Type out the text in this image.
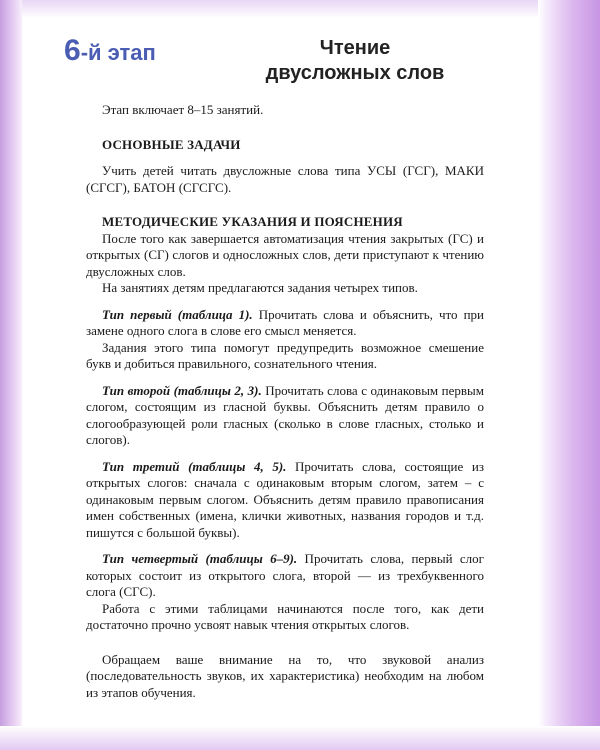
6-й этап	Чтение
двусложных слов

Этап включает 8–15 занятий.

ОСНОВНЫЕ ЗАДАЧИ

Учить детей читать двусложные слова типа УСЫ (ГСГ), МАКИ (СГСГ), БАТОН (СГСГС).

МЕТОДИЧЕСКИЕ УКАЗАНИЯ И ПОЯСНЕНИЯ

После того как завершается автоматизация чтения закрытых (ГС) и открытых (СГ) слогов и односложных слов, дети приступают к чтению двусложных слов.

На занятиях детям предлагаются задания четырех типов.

Тип первый (таблица 1). Прочитать слова и объяснить, что при замене одного слога в слове его смысл меняется.

Задания этого типа помогут предупредить возможное смешение букв и добиться правильного, сознательного чтения.

Тип второй (таблицы 2, 3). Прочитать слова с одинаковым первым слогом, состоящим из гласной буквы. Объяснить детям правило о слогообразующей роли гласных (сколько в слове гласных, столько и слогов).

Тип третий (таблицы 4, 5). Прочитать слова, состоящие из открытых слогов: сначала с одинаковым вторым слогом, затем – с одинаковым первым слогом. Объяснить детям правило правописания имен собственных (имена, клички животных, названия городов и т.д. пишутся с большой буквы).

Тип четвертый (таблицы 6–9). Прочитать слова, первый слог которых состоит из открытого слога, второй — из трехбуквенного слога (СГС).

Работа с этими таблицами начинаются после того, как дети достаточно прочно усвоят навык чтения открытых слогов.

Обращаем ваше внимание на то, что звуковой анализ (последовательность звуков, их характеристика) необходим на любом из этапов обучения.
